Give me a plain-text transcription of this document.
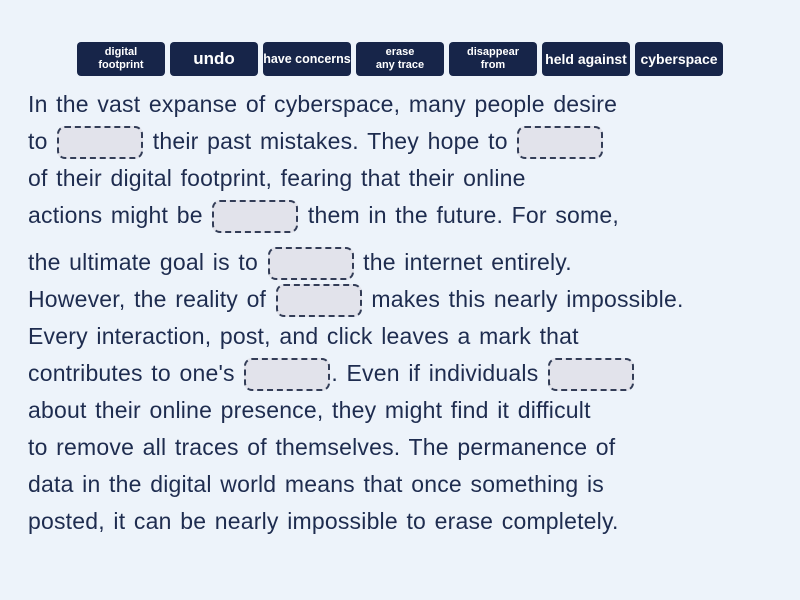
digital
footprint	undo have concerns	erase
any trace
disappear
from	held against cyberspace
In the vast expanse of cyberspace, many people desire
to	their past mistakes. They hope to
of their digital footprint, fearing that their online
actions might be	them in the future. For some,
the ultimate goal is to	the internet entirely.
However, the reality of	makes this nearly impossible.
Every interaction, post, and click leaves a mark that
contributes to one's	. Even if individuals
about their online presence, they might find it difficult
to remove all traces of themselves. The permanence of
data in the digital world means that once something is
posted, it can be nearly impossible to erase completely.
